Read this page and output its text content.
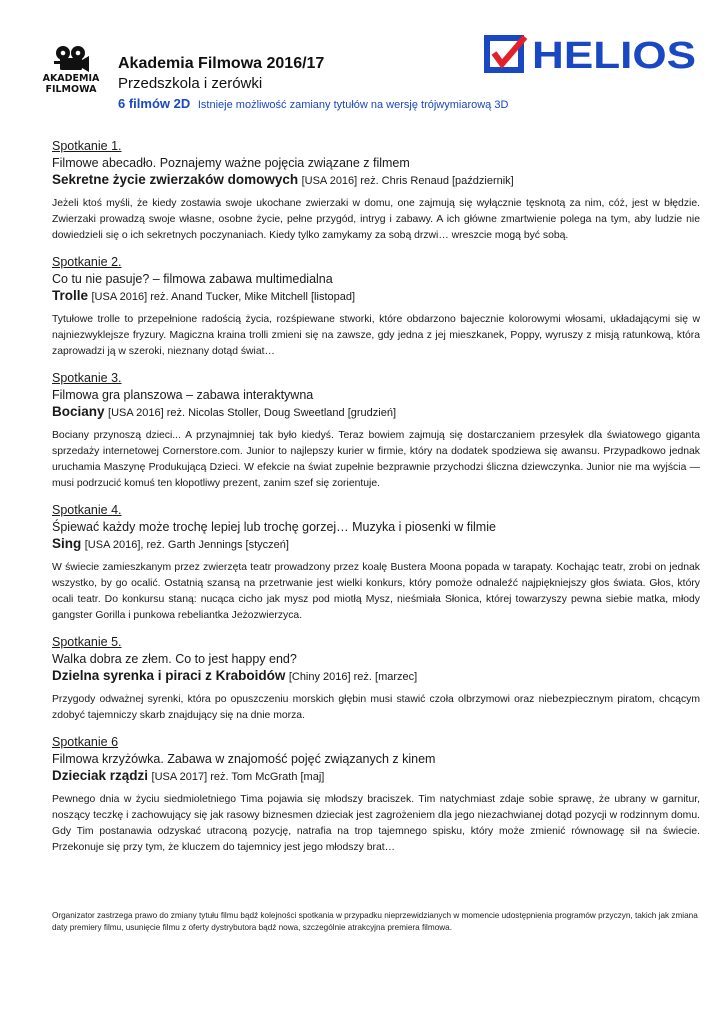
AKADEMIA
FILMOWA
HELIOS
Akademia Filmowa 2016/17
Przedszkola i zerówki
6 filmów 2D Istnieje możliwość zamiany tytułów na wersję trójwymiarową 3D
Spotkanie 1.
Filmowe abecadło. Poznajemy ważne pojęcia związane z filmem
Sekretne życie zwierzaków domowych [USA 2016] reż. Chris Renaud [październik]
Jeżeli ktoś myśli, że kiedy zostawia swoje ukochane zwierzaki w domu, one zajmują się wyłącznie tęsknotą za nim, cóż, jest w błędzie. Zwierzaki prowadzą swoje własne, osobne życie, pełne przygód, intryg i zabawy. A ich główne zmartwienie polega na tym, aby ludzie nie dowiedzieli się o ich sekretnych poczynaniach. Kiedy tylko zamykamy za sobą drzwi… wreszcie mogą być sobą.
Spotkanie 2.
Co tu nie pasuje? – filmowa zabawa multimedialna
Trolle [USA 2016] reż. Anand Tucker, Mike Mitchell [listopad]
Tytułowe trolle to przepełnione radością życia, rozśpiewane stworki, które obdarzono bajecznie kolorowymi włosami, układającymi się w najniezwyklejsze fryzury. Magiczna kraina trolli zmieni się na zawsze, gdy jedna z jej mieszkanek, Poppy, wyruszy z misją ratunkową, która zaprowadzi ją w szeroki, nieznany dotąd świat…
Spotkanie 3.
Filmowa gra planszowa – zabawa interaktywna
Bociany [USA 2016] reż. Nicolas Stoller, Doug Sweetland [grudzień]
Bociany przynoszą dzieci... A przynajmniej tak było kiedyś. Teraz bowiem zajmują się dostarczaniem przesyłek dla światowego giganta sprzedaży internetowej Cornerstore.com. Junior to najlepszy kurier w firmie, który na dodatek spodziewa się awansu. Przypadkowo jednak uruchamia Maszynę Produkującą Dzieci. W efekcie na świat zupełnie bezprawnie przychodzi śliczna dziewczynka. Junior nie ma wyjścia — musi podrzucić komuś ten kłopotliwy prezent, zanim szef się zorientuje.
Spotkanie 4.
Śpiewać każdy może trochę lepiej lub trochę gorzej… Muzyka i piosenki w filmie
Sing [USA 2016], reż. Garth Jennings [styczeń]
W świecie zamieszkanym przez zwierzęta teatr prowadzony przez koalę Bustera Moona popada w tarapaty. Kochając teatr, zrobi on jednak wszystko, by go ocalić. Ostatnią szansą na przetrwanie jest wielki konkurs, który pomoże odnaleźć najpiękniejszy głos świata. Głos, który ocali teatr. Do konkursu staną: nucąca cicho jak mysz pod miotłą Mysz, nieśmiała Słonica, której towarzyszy pewna siebie matka, młody gangster Gorilla i punkowa rebeliantka Jeżozwierzyca.
Spotkanie 5.
Walka dobra ze złem. Co to jest happy end?
Dzielna syrenka i piraci z Kraboidów [Chiny 2016] reż. [marzec]
Przygody odważnej syrenki, która po opuszczeniu morskich głębin musi stawić czoła olbrzymowi oraz niebezpiecznym piratom, chcącym zdobyć tajemniczy skarb znajdujący się na dnie morza.
Spotkanie 6
Filmowa krzyżówka. Zabawa w znajomość pojęć związanych z kinem
Dzieciak rządzi [USA 2017] reż. Tom McGrath [maj]
Pewnego dnia w życiu siedmioletniego Tima pojawia się młodszy braciszek. Tim natychmiast zdaje sobie sprawę, że ubrany w garnitur, noszący teczkę i zachowujący się jak rasowy biznesmen dzieciak jest zagrożeniem dla jego niezachwianej dotąd pozycji w rodzinnym domu. Gdy Tim postanawia odzyskać utraconą pozycję, natrafia na trop tajemnego spisku, który może zmienić równowagę sił na świecie. Przekonuje się przy tym, że kluczem do tajemnicy jest jego młodszy brat…
Organizator zastrzega prawo do zmiany tytułu filmu bądź kolejności spotkania w przypadku nieprzewidzianych w momencie udostępnienia programów przyczyn, takich jak zmiana daty premiery filmu, usunięcie filmu z oferty dystrybutora bądź nowa, szczególnie atrakcyjna premiera filmowa.
